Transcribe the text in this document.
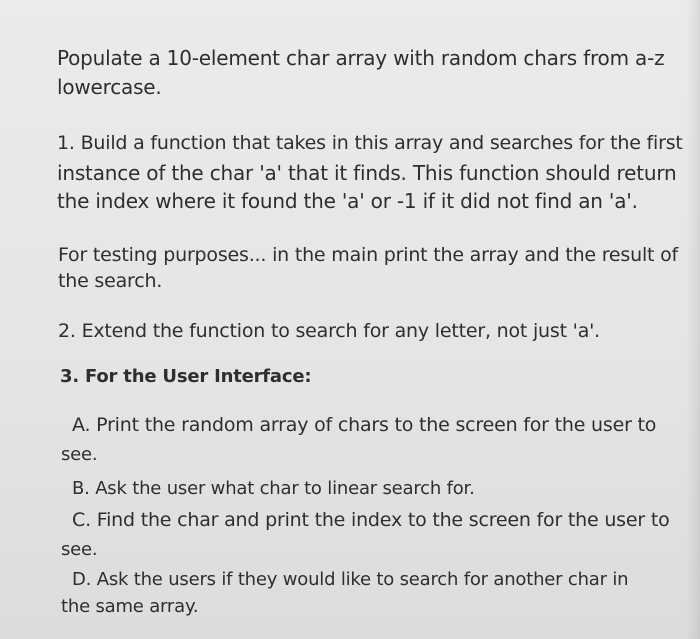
Populate a 10-element char array with random chars from a-z

lowercase.

1. Build a function that takes in this array and searches for the first

instance of the char 'a' that it finds. This function should return

the index where it found the 'a' or -1 if it did not find an 'a'.

For testing purposes... in the main print the array and the result of

the search.

2. Extend the function to search for any letter, not just 'a'.

3. For the User Interface:

A. Print the random array of chars to the screen for the user to

see.

B. Ask the user what char to linear search for.

C. Find the char and print the index to the screen for the user to

see.

D. Ask the users if they would like to search for another char in

the same array.
